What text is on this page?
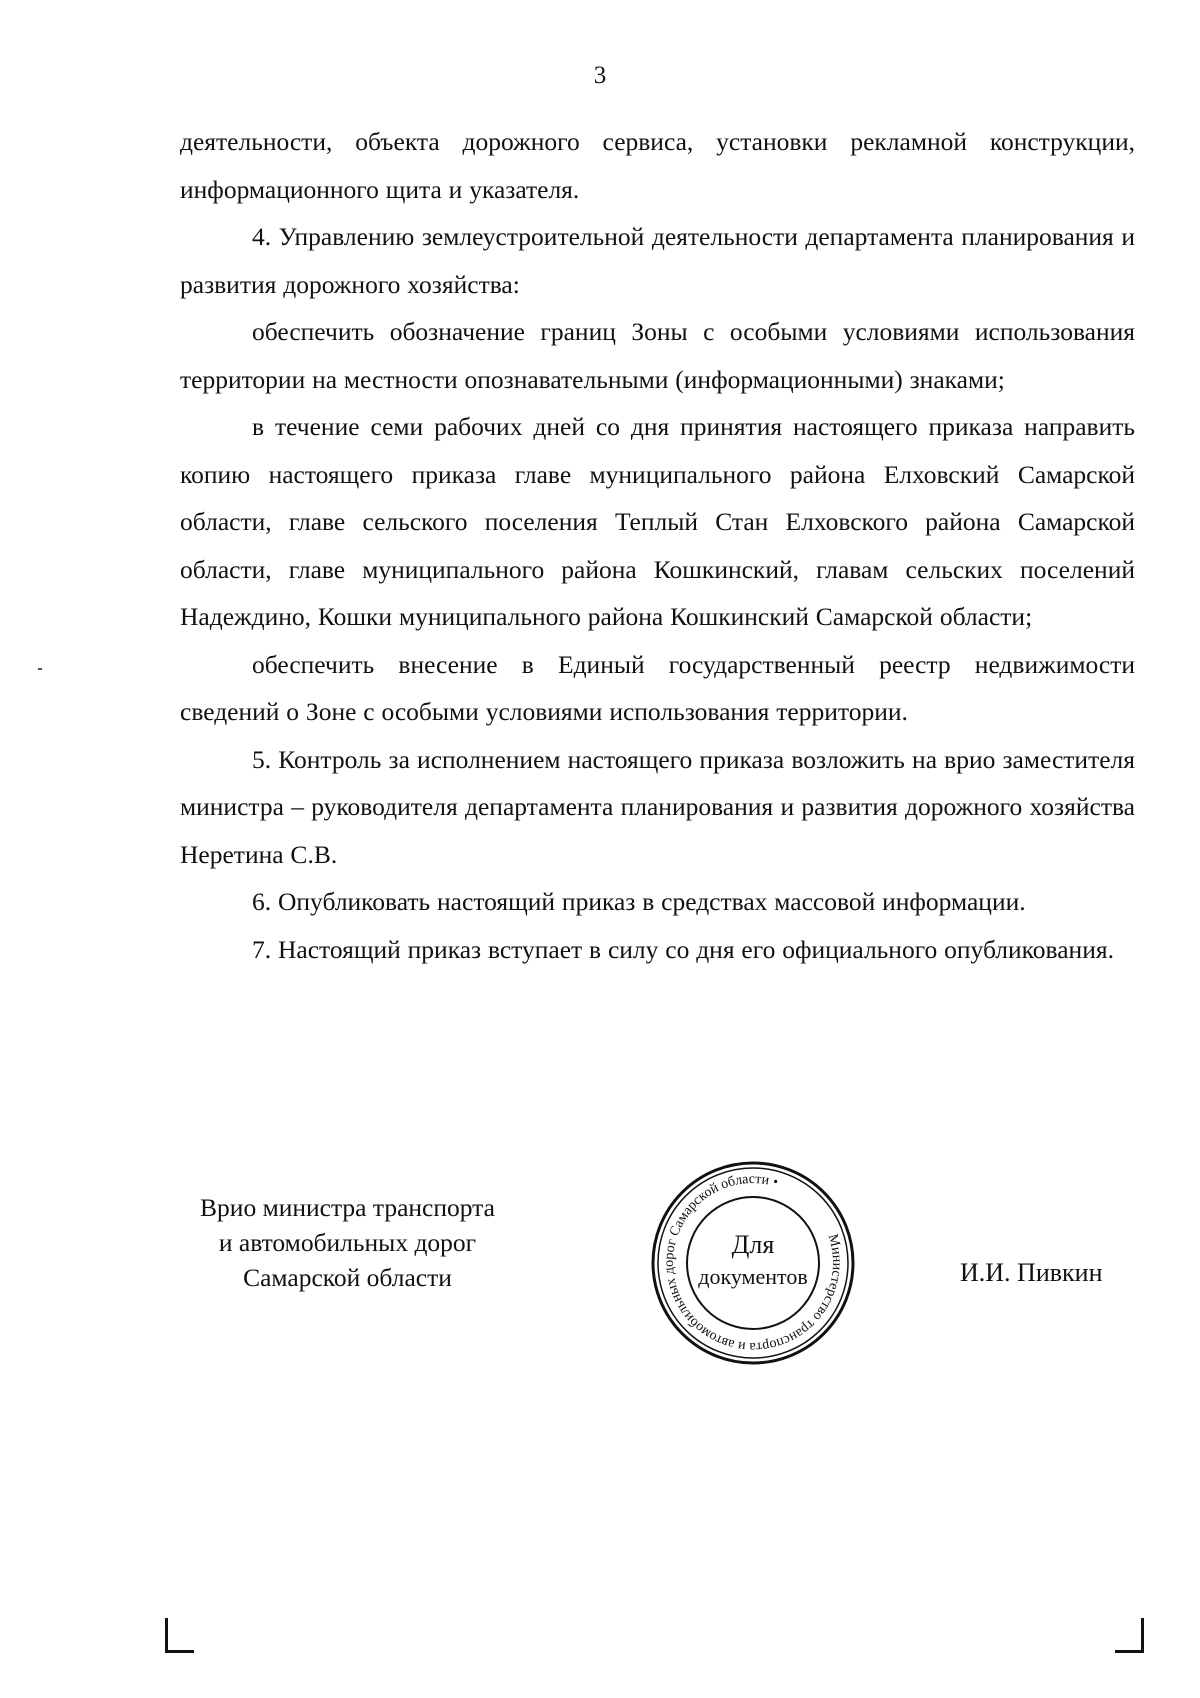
3

деятельности, объекта дорожного сервиса, установки рекламной конструкции, информационного щита и указателя.

4. Управлению землеустроительной деятельности департамента планирования и развития дорожного хозяйства:

обеспечить обозначение границ Зоны с особыми условиями использования территории на местности опознавательными (информационными) знаками;

в течение семи рабочих дней со дня принятия настоящего приказа направить копию настоящего приказа главе муниципального района Елховский Самарской области, главе сельского поселения Теплый Стан Елховского района Самарской области, главе муниципального района Кошкинский, главам сельских поселений Надеждино, Кошки муниципального района Кошкинский Самарской области;

обеспечить внесение в Единый государственный реестр недвижимости сведений о Зоне с особыми условиями использования территории.

5. Контроль за исполнением настоящего приказа возложить на врио заместителя министра – руководителя департамента планирования и развития дорожного хозяйства Неретина С.В.

6. Опубликовать настоящий приказ в средствах массовой информации.

7. Настоящий приказ вступает в силу со дня его официального опубликования.

Врио министра транспорта
и автомобильных дорог
Самарской области
Министерство транспорта и автомобильных дорог Самарской области •
Для
документов	И.И. Пивкин
